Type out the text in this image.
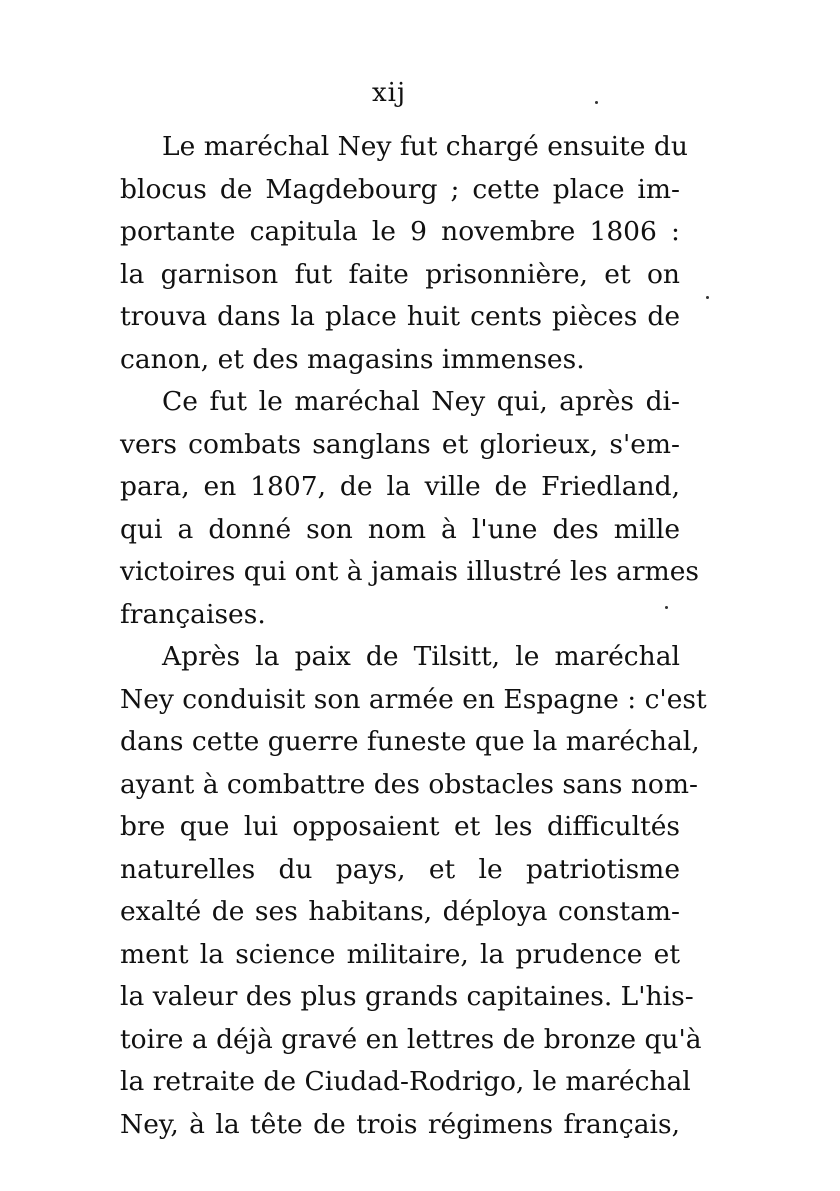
xij
Le maréchal Ney fut chargé ensuite du
blocus de Magdebourg ; cette place im-
portante capitula le 9 novembre 1806 :
la garnison fut faite prisonnière, et on
trouva dans la place huit cents pièces de
canon, et des magasins immenses.
Ce fut le maréchal Ney qui, après di-
vers combats sanglans et glorieux, s'em-
para, en 1807, de la ville de Friedland,
qui a donné son nom à l'une des mille
victoires qui ont à jamais illustré les armes
françaises.
Après la paix de Tilsitt, le maréchal
Ney conduisit son armée en Espagne : c'est
dans cette guerre funeste que la maréchal,
ayant à combattre des obstacles sans nom-
bre que lui opposaient et les difficultés
naturelles du pays, et le patriotisme
exalté de ses habitans, déploya constam-
ment la science militaire, la prudence et
la valeur des plus grands capitaines. L'his-
toire a déjà gravé en lettres de bronze qu'à
la retraite de Ciudad-Rodrigo, le maréchal
Ney, à la tête de trois régimens français,
